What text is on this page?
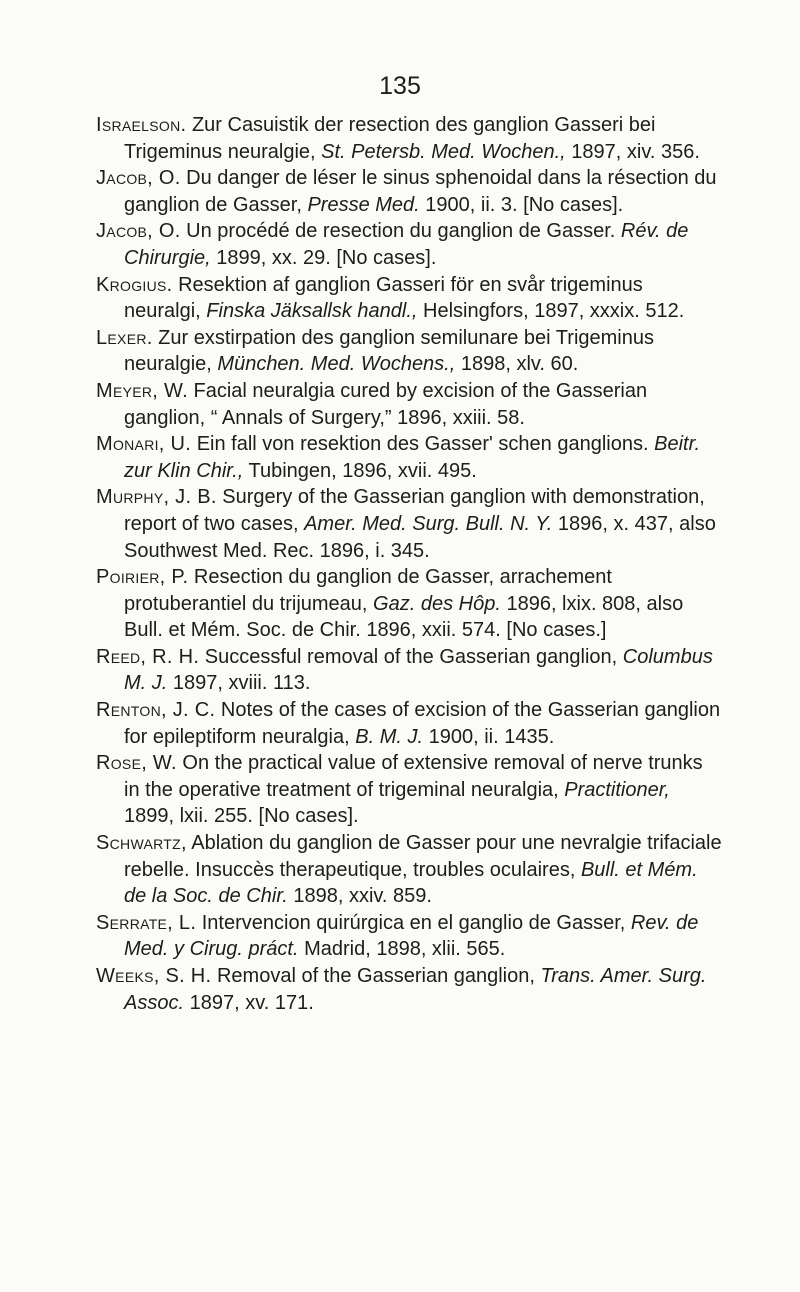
135

Israelson. Zur Casuistik der resection des ganglion Gasseri bei Trigeminus neuralgie, St. Petersb. Med. Wochen., 1897, xiv. 356.

Jacob, O. Du danger de léser le sinus sphenoidal dans la résection du ganglion de Gasser, Presse Med. 1900, ii. 3. [No cases].

Jacob, O. Un procédé de resection du ganglion de Gasser. Rév. de Chirurgie, 1899, xx. 29. [No cases].

Krogius. Resektion af ganglion Gasseri för en svår trigeminus neuralgi, Finska Jäksallsk handl., Helsingfors, 1897, xxxix. 512.

Lexer. Zur exstirpation des ganglion semilunare bei Trigeminus neuralgie, München. Med. Wochens., 1898, xlv. 60.

Meyer, W. Facial neuralgia cured by excision of the Gasserian ganglion, “ Annals of Surgery,” 1896, xxiii. 58.

Monari, U. Ein fall von resektion des Gasser' schen ganglions. Beitr. zur Klin Chir., Tubingen, 1896, xvii. 495.

Murphy, J. B. Surgery of the Gasserian ganglion with demonstration, report of two cases, Amer. Med. Surg. Bull. N. Y. 1896, x. 437, also Southwest Med. Rec. 1896, i. 345.

Poirier, P. Resection du ganglion de Gasser, arrachement protuberantiel du trijumeau, Gaz. des Hôp. 1896, lxix. 808, also Bull. et Mém. Soc. de Chir. 1896, xxii. 574. [No cases.]

Reed, R. H. Successful removal of the Gasserian ganglion, Columbus M. J. 1897, xviii. 113.

Renton, J. C. Notes of the cases of excision of the Gasserian ganglion for epileptiform neuralgia, B. M. J. 1900, ii. 1435.

Rose, W. On the practical value of extensive removal of nerve trunks in the operative treatment of trigeminal neuralgia, Practitioner, 1899, lxii. 255. [No cases].

Schwartz, Ablation du ganglion de Gasser pour une nevralgie trifaciale rebelle. Insuccès therapeutique, troubles oculaires, Bull. et Mém. de la Soc. de Chir. 1898, xxiv. 859.

Serrate, L. Intervencion quirúrgica en el ganglio de Gasser, Rev. de Med. y Cirug. práct. Madrid, 1898, xlii. 565.

Weeks, S. H. Removal of the Gasserian ganglion, Trans. Amer. Surg. Assoc. 1897, xv. 171.
